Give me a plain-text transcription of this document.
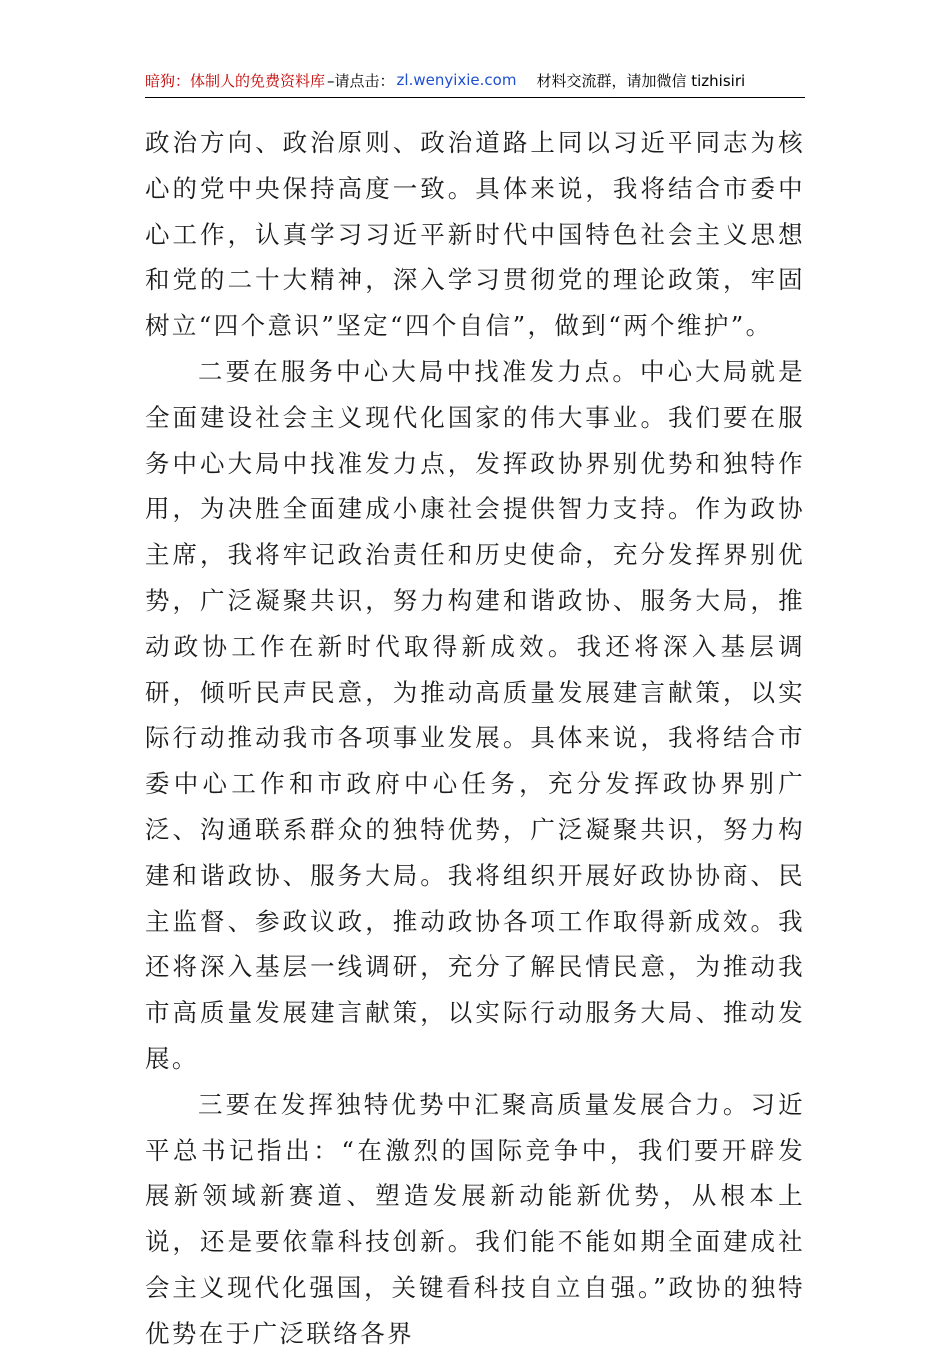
暗狗：体制人的免费资料库 –请点击： zl.wenyixie.com 材料交流群，请加微信 tizhisiri

政治方向、政治原则、政治道路上同以习近平同志为核心的党中央保持高度一致。具体来说，我将结合市委中心工作，认真学习习近平新时代中国特色社会主义思想和党的二十大精神，深入学习贯彻党的理论政策，牢固树立“四个意识”坚定“四个自信”，做到“两个维护”。

二要在服务中心大局中找准发力点。中心大局就是全面建设社会主义现代化国家的伟大事业。我们要在服务中心大局中找准发力点，发挥政协界别优势和独特作用，为决胜全面建成小康社会提供智力支持。作为政协主席，我将牢记政治责任和历史使命，充分发挥界别优势，广泛凝聚共识，努力构建和谐政协、服务大局，推动政协工作在新时代取得新成效。我还将深入基层调研，倾听民声民意，为推动高质量发展建言献策，以实际行动推动我市各项事业发展。具体来说，我将结合市委中心工作和市政府中心任务，充分发挥政协界别广泛、沟通联系群众的独特优势，广泛凝聚共识，努力构建和谐政协、服务大局。我将组织开展好政协协商、民主监督、参政议政，推动政协各项工作取得新成效。我还将深入基层一线调研，充分了解民情民意，为推动我市高质量发展建言献策，以实际行动服务大局、推动发展。

三要在发挥独特优势中汇聚高质量发展合力。习近平总书记指出：“在激烈的国际竞争中，我们要开辟发展新领域新赛道、塑造发展新动能新优势，从根本上说，还是要依靠科技创新。我们能不能如期全面建成社会主义现代化强国，关键看科技自立自强。”政协的独特优势在于广泛联络各界
